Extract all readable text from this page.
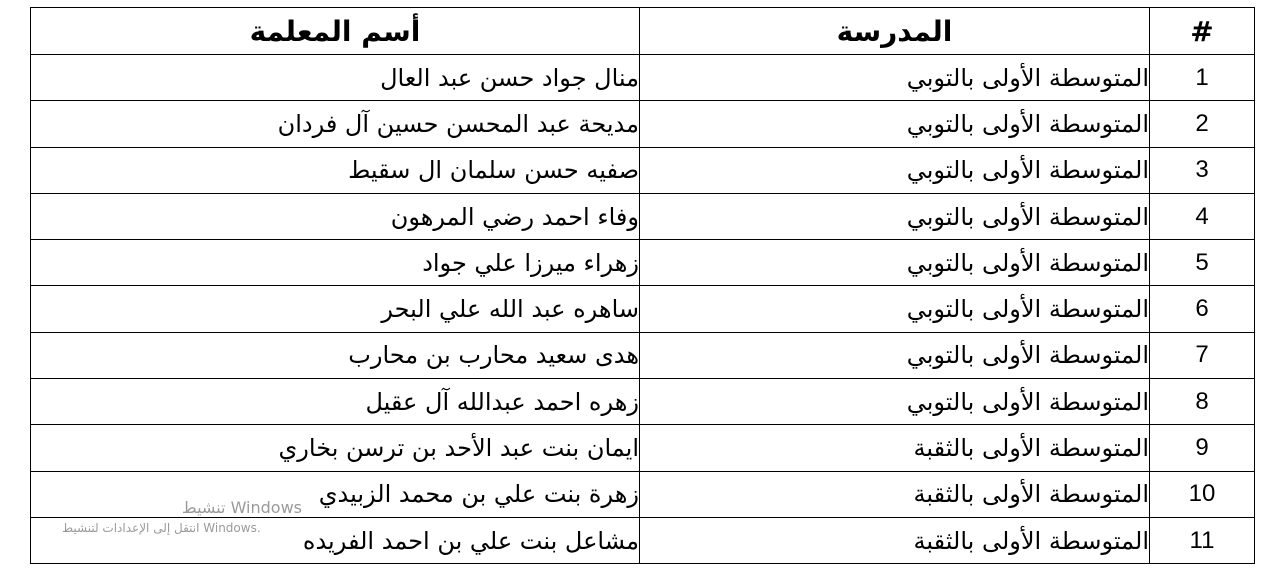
#	المدرسة	أسم المعلمة
1	المتوسطة الأولى بالتوبي	منال جواد حسن عبد العال
2	المتوسطة الأولى بالتوبي	مديحة عبد المحسن حسين آل فردان
3	المتوسطة الأولى بالتوبي	صفيه حسن سلمان ال سقيط
4	المتوسطة الأولى بالتوبي	وفاء احمد رضي المرهون
5	المتوسطة الأولى بالتوبي	زهراء ميرزا علي جواد
6	المتوسطة الأولى بالتوبي	ساهره عبد الله علي البحر
7	المتوسطة الأولى بالتوبي	هدى سعيد محارب بن محارب
8	المتوسطة الأولى بالتوبي	زهره احمد عبدالله آل عقيل
9	المتوسطة الأولى بالثقبة	ايمان بنت عبد الأحد بن ترسن بخاري
10	المتوسطة الأولى بالثقبة	زهرة بنت علي بن محمد الزبيدي
11	المتوسطة الأولى بالثقبة	مشاعل بنت علي بن احمد الفريده
تنشيط Windows
انتقل إلى الإعدادات لتنشيط Windows.
